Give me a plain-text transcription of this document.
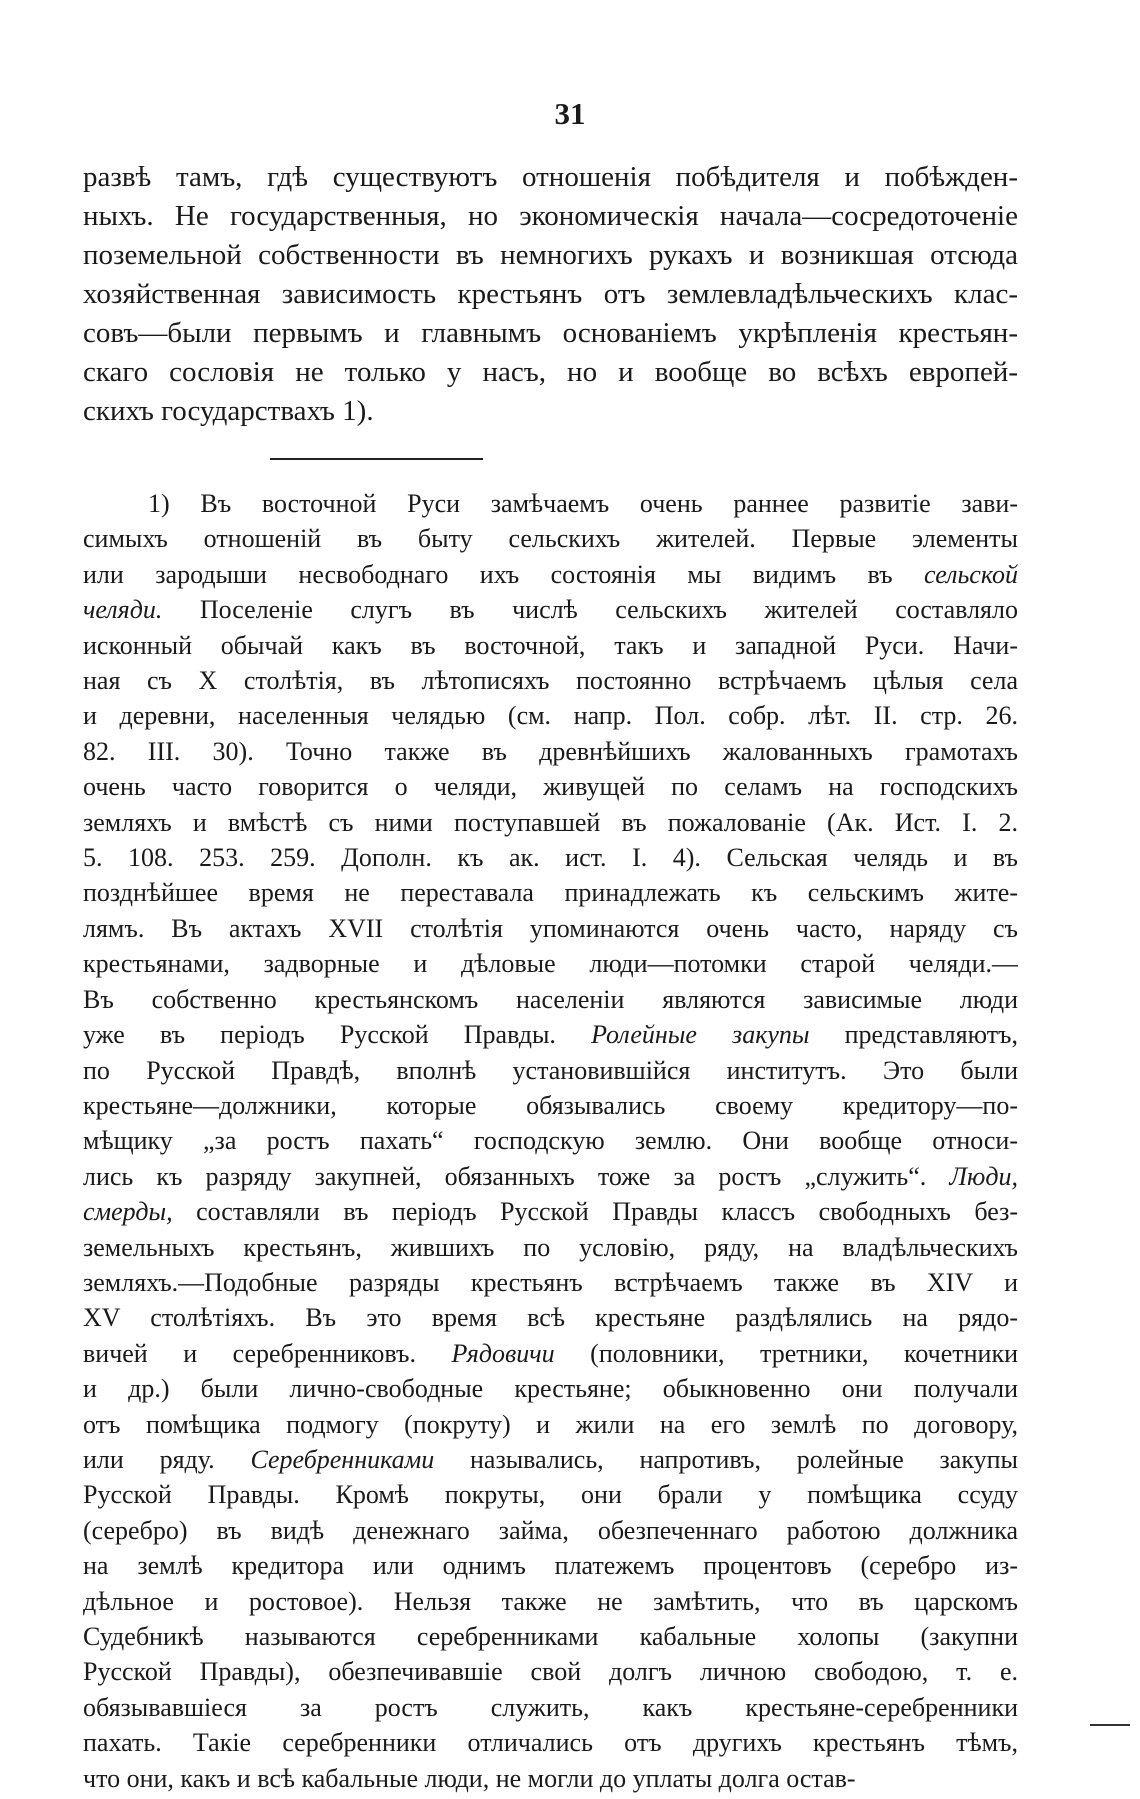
31
развѣ тамъ, гдѣ существуютъ отношенія побѣдителя и побѣжден-
ныхъ. Не государственныя, но экономическія начала—сосредоточеніе
поземельной собственности въ немногихъ рукахъ и возникшая отсюда
хозяйственная зависимость крестьянъ отъ землевладѣльческихъ клас-
совъ—были первымъ и главнымъ основаніемъ укрѣпленія крестьян-
скаго сословія не только у насъ, но и вообще во всѣхъ европей-
скихъ государствахъ 1).
1) Въ восточной Руси замѣчаемъ очень раннее развитіе зави-
симыхъ отношеній въ быту сельскихъ жителей. Первые элементы
или зародыши несвободнаго ихъ состоянія мы видимъ въ сельской
челяди. Поселеніе слугъ въ числѣ сельскихъ жителей составляло
исконный обычай какъ въ восточной, такъ и западной Руси. Начи-
ная съ X столѣтія, въ лѣтописяхъ постоянно встрѣчаемъ цѣлыя села
и деревни, населенныя челядью (см. напр. Пол. собр. лѣт. II. стр. 26.
82. III. 30). Точно также въ древнѣйшихъ жалованныхъ грамотахъ
очень часто говорится о челяди, живущей по селамъ на господскихъ
земляхъ и вмѣстѣ съ ними поступавшей въ пожалованіе (Ак. Ист. I. 2.
5. 108. 253. 259. Дополн. къ ак. ист. I. 4). Сельская челядь и въ
позднѣйшее время не переставала принадлежать къ сельскимъ жите-
лямъ. Въ актахъ XVII столѣтія упоминаются очень часто, наряду съ
крестьянами, задворные и дѣловые люди—потомки старой челяди.—
Въ собственно крестьянскомъ населеніи являются зависимые люди
уже въ періодъ Русской Правды. Ролейные закупы представляютъ,
по Русской Правдѣ, вполнѣ установившійся институтъ. Это были
крестьяне—должники, которые обязывались своему кредитору—по-
мѣщику „за ростъ пахать“ господскую землю. Они вообще относи-
лись къ разряду закупней, обязанныхъ тоже за ростъ „служить“. Люди,
смерды, составляли въ періодъ Русской Правды классъ свободныхъ без-
земельныхъ крестьянъ, жившихъ по условію, ряду, на владѣльческихъ
земляхъ.—Подобные разряды крестьянъ встрѣчаемъ также въ XIV и
XV столѣтіяхъ. Въ это время всѣ крестьяне раздѣлялись на рядо-
вичей и серебренниковъ. Рядовичи (половники, третники, кочетники
и др.) были лично-свободные крестьяне; обыкновенно они получали
отъ помѣщика подмогу (покруту) и жили на его землѣ по договору,
или ряду. Серебренниками назывались, напротивъ, ролейные закупы
Русской Правды. Кромѣ покруты, они брали у помѣщика ссуду
(серебро) въ видѣ денежнаго займа, обезпеченнаго работою должника
на землѣ кредитора или однимъ платежемъ процентовъ (серебро из-
дѣльное и ростовое). Нельзя также не замѣтить, что въ царскомъ
Судебникѣ называются серебренниками кабальные холопы (закупни
Русской Правды), обезпечивавшіе свой долгъ личною свободою, т. е.
обязывавшіеся за ростъ служить, какъ крестьяне-серебренники
пахать. Такіе серебренники отличались отъ другихъ крестьянъ тѣмъ,
что они, какъ и всѣ кабальные люди, не могли до уплаты долга остав-
